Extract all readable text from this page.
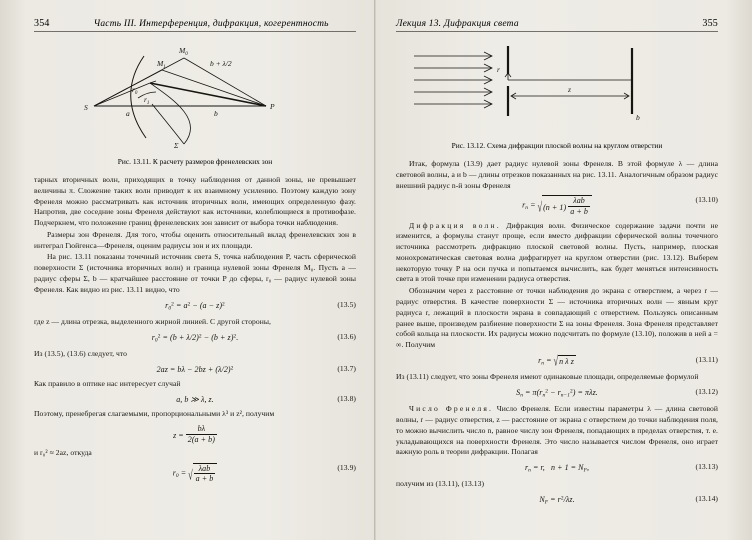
354	Часть III. Интерференция, дифракция, когерентность
$M_0$
$M_1$	b + λ/2
$r_0$
$r_1$
S
a	b
P
Σ
Рис. 13.11. К расчету размеров френелевских зон

тарных вторичных волн, приходящих в точку наблюдения от данной зоны, не превышает величины π. Сложение таких волн приводит к их взаимному усилению. Поэтому каждую зону Френеля можно рассматривать как источник вторичных волн, имеющих определенную фазу. Напротив, две соседние зоны Френеля действуют как источники, колеблющиеся в противофазе. Подчеркнем, что положение границ френелевских зон зависит от выбора точки наблюдения.

Размеры зон Френеля. Для того, чтобы оценить относительный вклад френелевских зон в интеграл Гюйгенса—Френеля, оценим радиусы зон и их площади.

На рис. 13.11 показаны точечный источник света S, точка наблюдения P, часть сферической поверхности Σ (источника вторичных волн) и граница нулевой зоны Френеля M₀. Пусть a — радиус сферы Σ, b — кратчайшее расстояние от точки P до сферы, r₀ — радиус нулевой зоны Френеля. Как видно из рис. 13.11 видно, что

$r_0^2 = a^2 - (a - z)^2$	(13.5)

где z — длина отрезка, выделенного жирной линией. С другой стороны,

$r_0^2 = (b + \lambda/2)^2 - (b + z)^2$.	(13.6)

Из (13.5), (13.6) следует, что

$2az = b\lambda - 2bz + (\lambda/2)^2$	(13.7)

Как правило в оптике нас интересует случай

a, b ≫ λ, z.	(13.8)

Поэтому, пренебрегая слагаемыми, пропорциональными λ³ и z², получим

$z = \frac{b\lambda}{2(a + b)}$

и r₀² ≈ 2az, откуда

$r_0$ = √ $\frac{\text{λab}}{a + b}$	(13.9)
Лекция 13. Дифракция света	355
r
z
b
Рис. 13.12. Схема дифракции плоской волны на круглом отверстии

Итак, формула (13.9) дает радиус нулевой зоны Френеля. В этой формуле λ — длина световой волны, a и b — длины отрезков показанных на рис. 13.11. Аналогичным образом радиус внешний радиус n-й зоны Френеля

$r_n = √(n + 1) \frac{\text{λab}}{a + b}$	(13.10)

Дифракция волн. Дифракция волн. Физическое содержание задачи почти не изменится, а формулы станут проще, если вместо дифракции сферической волны точечного источника рассмотреть дифракцию плоской световой волны. Пусть, например, плоская монохроматическая световая волна дифрагирует на круглом отверстии (рис. 13.12). Выберем некоторую точку P на оси пучка и попытаемся вычислить, как будет меняться интенсивность света в этой точке при изменении радиуса отверстия.

Обозначим через z расстояние от точки наблюдения до экрана с отверстием, а через r — радиус отверстия. В качестве поверхности Σ — источника вторичных волн — явным круг радиуса r, лежащий в плоскости экрана в совпадающий с отверстием. Пользуясь описанным ранее выше, произведем разбиение поверхности Σ на зоны Френеля. Зона Френеля представляет собой кольца на плоскости. Их радиусы можно подсчитать по формуле (13.10), положив в ней a = ∞. Получим

$r_n = √n$ λ z	(13.11)

Из (13.11) следует, что зоны Френеля имеют одинаковые площади, определяемые формулой

$S_n = \pi(r_n^2 - r_{n-1}^2) = \pi\lambda z$.	(13.12)

Число Френеля. Число Френеля. Если известны параметры λ — длина световой волны, r — радиус отверстия, z — расстояние от экрана с отверстием до точки наблюдения поля, то можно вычислить число n, равное числу зон Френеля, попадающих в пределах отверстия, т. е. укладывающихся на поверхности Френеля. Это число называется числом Френеля, оно играет важную роль в теории дифракции. Полагая

$r_n = r$,   $n + 1 = N_F$,	(13.13)

получим из (13.11), (13.13)

$N_F = r^2/\lambda z$.	(13.14)
